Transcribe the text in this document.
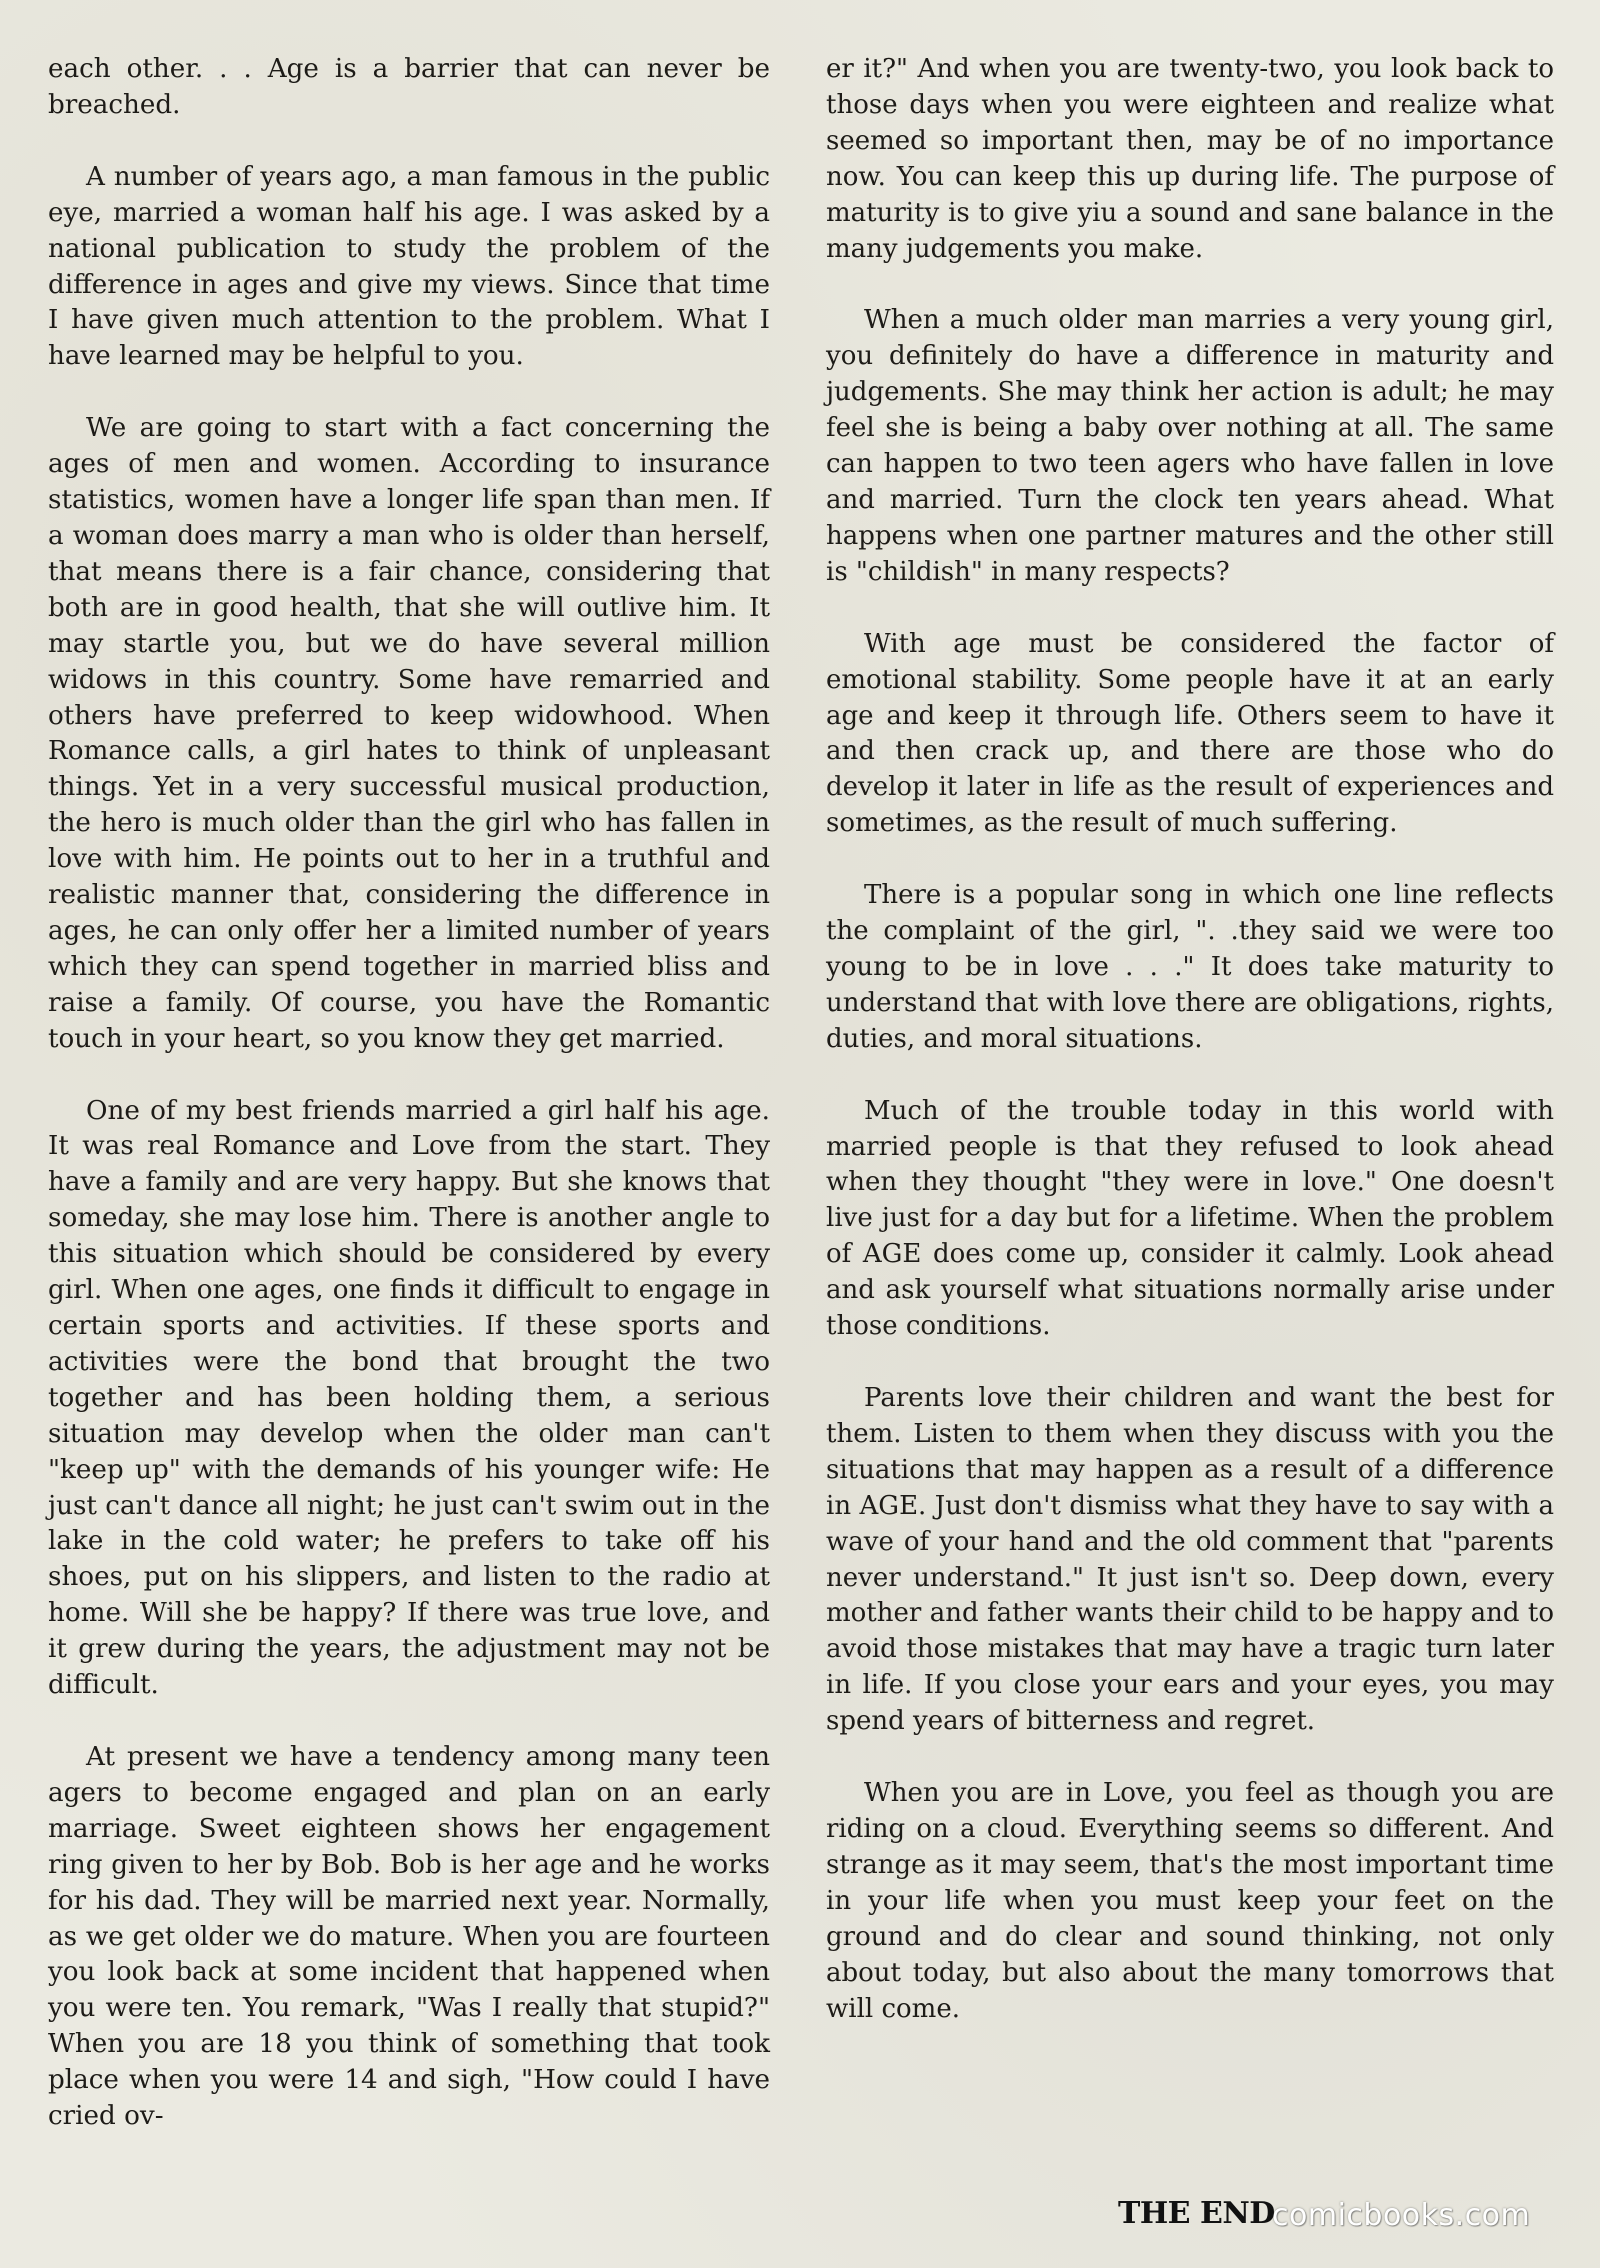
each other. . . Age is a barrier that can never be breached.

A number of years ago, a man famous in the public eye, married a woman half his age. I was asked by a national publication to study the problem of the difference in ages and give my views. Since that time I have given much attention to the problem. What I have learned may be helpful to you.

We are going to start with a fact concerning the ages of men and women. According to insurance statistics, women have a longer life span than men. If a woman does marry a man who is older than herself, that means there is a fair chance, considering that both are in good health, that she will outlive him. It may startle you, but we do have several million widows in this country. Some have remarried and others have preferred to keep widowhood. When Romance calls, a girl hates to think of unpleasant things. Yet in a very successful musical production, the hero is much older than the girl who has fallen in love with him. He points out to her in a truthful and realistic manner that, considering the difference in ages, he can only offer her a limited number of years which they can spend together in married bliss and raise a family. Of course, you have the Romantic touch in your heart, so you know they get married.

One of my best friends married a girl half his age. It was real Romance and Love from the start. They have a family and are very happy. But she knows that someday, she may lose him. There is another angle to this situation which should be considered by every girl. When one ages, one finds it difficult to engage in certain sports and activities. If these sports and activities were the bond that brought the two together and has been holding them, a serious situation may develop when the older man can't "keep up" with the demands of his younger wife: He just can't dance all night; he just can't swim out in the lake in the cold water; he prefers to take off his shoes, put on his slippers, and listen to the radio at home. Will she be happy? If there was true love, and it grew during the years, the adjustment may not be difficult.

At present we have a tendency among many teen agers to become engaged and plan on an early marriage. Sweet eighteen shows her engagement ring given to her by Bob. Bob is her age and he works for his dad. They will be married next year. Normally, as we get older we do mature. When you are fourteen you look back at some incident that happened when you were ten. You remark, "Was I really that stupid?" When you are 18 you think of something that took place when you were 14 and sigh, "How could I have cried ov-

er it?" And when you are twenty-two, you look back to those days when you were eighteen and realize what seemed so important then, may be of no importance now. You can keep this up during life. The purpose of maturity is to give yiu a sound and sane balance in the many judgements you make.

When a much older man marries a very young girl, you definitely do have a difference in maturity and judgements. She may think her action is adult; he may feel she is being a baby over nothing at all. The same can happen to two teen agers who have fallen in love and married. Turn the clock ten years ahead. What happens when one partner matures and the other still is "childish" in many respects?

With age must be considered the factor of emotional stability. Some people have it at an early age and keep it through life. Others seem to have it and then crack up, and there are those who do develop it later in life as the result of experiences and sometimes, as the result of much suffering.

There is a popular song in which one line reflects the complaint of the girl, ". .they said we were too young to be in love . . ." It does take maturity to understand that with love there are obligations, rights, duties, and moral situations.

Much of the trouble today in this world with married people is that they refused to look ahead when they thought "they were in love." One doesn't live just for a day but for a lifetime. When the problem of AGE does come up, consider it calmly. Look ahead and ask yourself what situations normally arise under those conditions.

Parents love their children and want the best for them. Listen to them when they discuss with you the situations that may happen as a result of a difference in AGE. Just don't dismiss what they have to say with a wave of your hand and the old comment that "parents never understand." It just isn't so. Deep down, every mother and father wants their child to be happy and to avoid those mistakes that may have a tragic turn later in life. If you close your ears and your eyes, you may spend years of bitterness and regret.

When you are in Love, you feel as though you are riding on a cloud. Everything seems so different. And strange as it may seem, that's the most important time in your life when you must keep your feet on the ground and do clear and sound thinking, not only about today, but also about the many tomorrows that will come.

THE END
comicbooks.com
